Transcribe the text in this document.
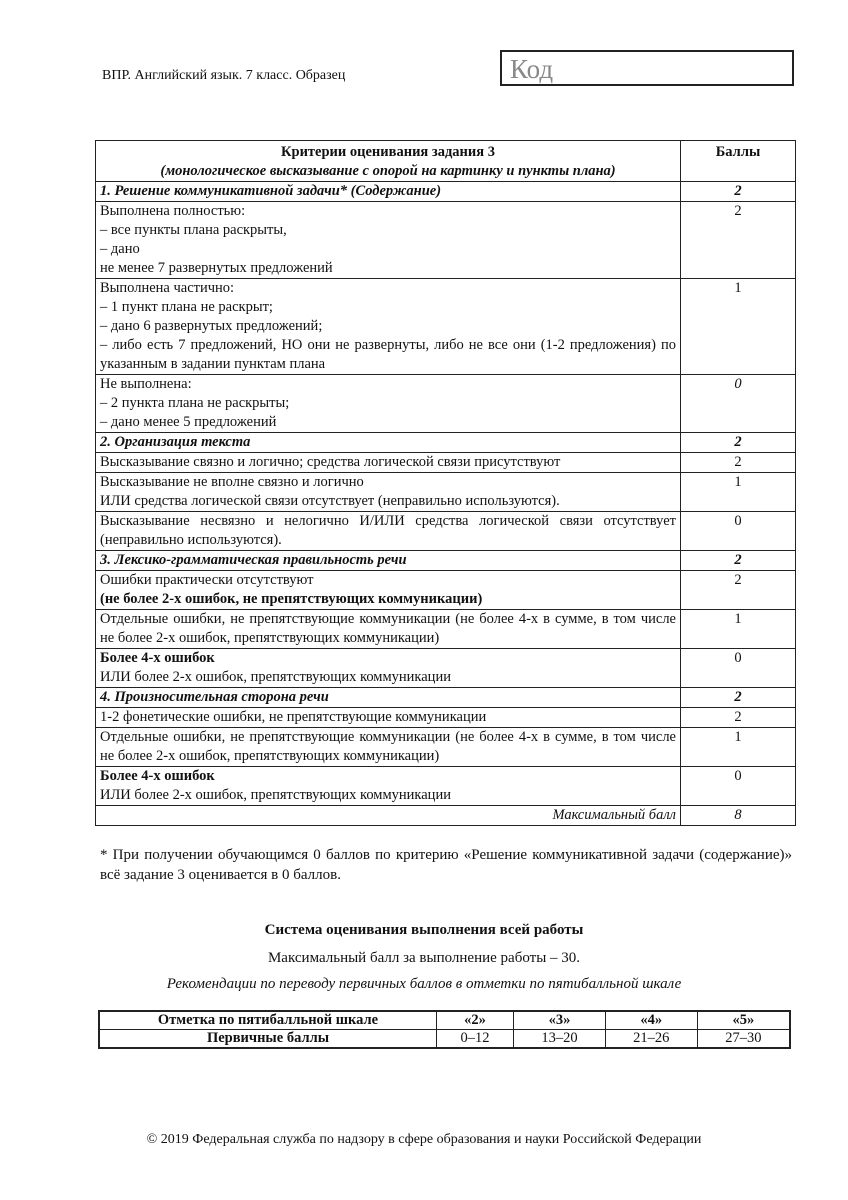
ВПР. Английский язык. 7 класс. Образец	Код
Критерии оценивания задания 3
(монологическое высказывание с опорой на картинку и пункты плана)	Баллы
1. Решение коммуникативной задачи* (Содержание)	2

Выполнена полностью:
– все пункты плана раскрыты,
– дано
не менее 7 развернутых предложений	2

Выполнена частично:
– 1 пункт плана не раскрыт;
– дано 6 развернутых предложений;
– либо есть 7 предложений, НО они не развернуты, либо не все они (1-2 предложения) по указанным в задании пунктам плана	1

Не выполнена:
– 2 пункта плана не раскрыты;
– дано менее 5 предложений	0
2. Организация текста	2

Высказывание связно и логично; средства логической связи присутствуют	2

Высказывание не вполне связно и логично
ИЛИ средства логической связи отсутствует (неправильно используются).	1

Высказывание несвязно и нелогично И/ИЛИ средства логической связи отсутствует (неправильно используются).	0
3. Лексико-грамматическая правильность речи	2

Ошибки практически отсутствуют
(не более 2-х ошибок, не препятствующих коммуникации)	2

Отдельные ошибки, не препятствующие коммуникации (не более 4-х в сумме, в том числе не более 2-х ошибок, препятствующих коммуникации)	1

Более 4-х ошибок
ИЛИ более 2-х ошибок, препятствующих коммуникации	0
4. Произносительная сторона речи	2

1-2 фонетические ошибки, не препятствующие коммуникации	2

Отдельные ошибки, не препятствующие коммуникации (не более 4-х в сумме, в том числе не более 2-х ошибок, препятствующих коммуникации)	1

Более 4-х ошибок
ИЛИ более 2-х ошибок, препятствующих коммуникации	0
Максимальный балл	8
* При получении обучающимся 0 баллов по критерию «Решение коммуникативной задачи (содержание)» всё задание 3 оценивается в 0 баллов.
Система оценивания выполнения всей работы
Максимальный балл за выполнение работы – 30.
Рекомендации по переводу первичных баллов в отметки по пятибалльной шкале
Отметка по пятибалльной шкале	«2»	«3»	«4»	«5»
Первичные баллы	0–12	13–20	21–26	27–30
© 2019 Федеральная служба по надзору в сфере образования и науки Российской Федерации
